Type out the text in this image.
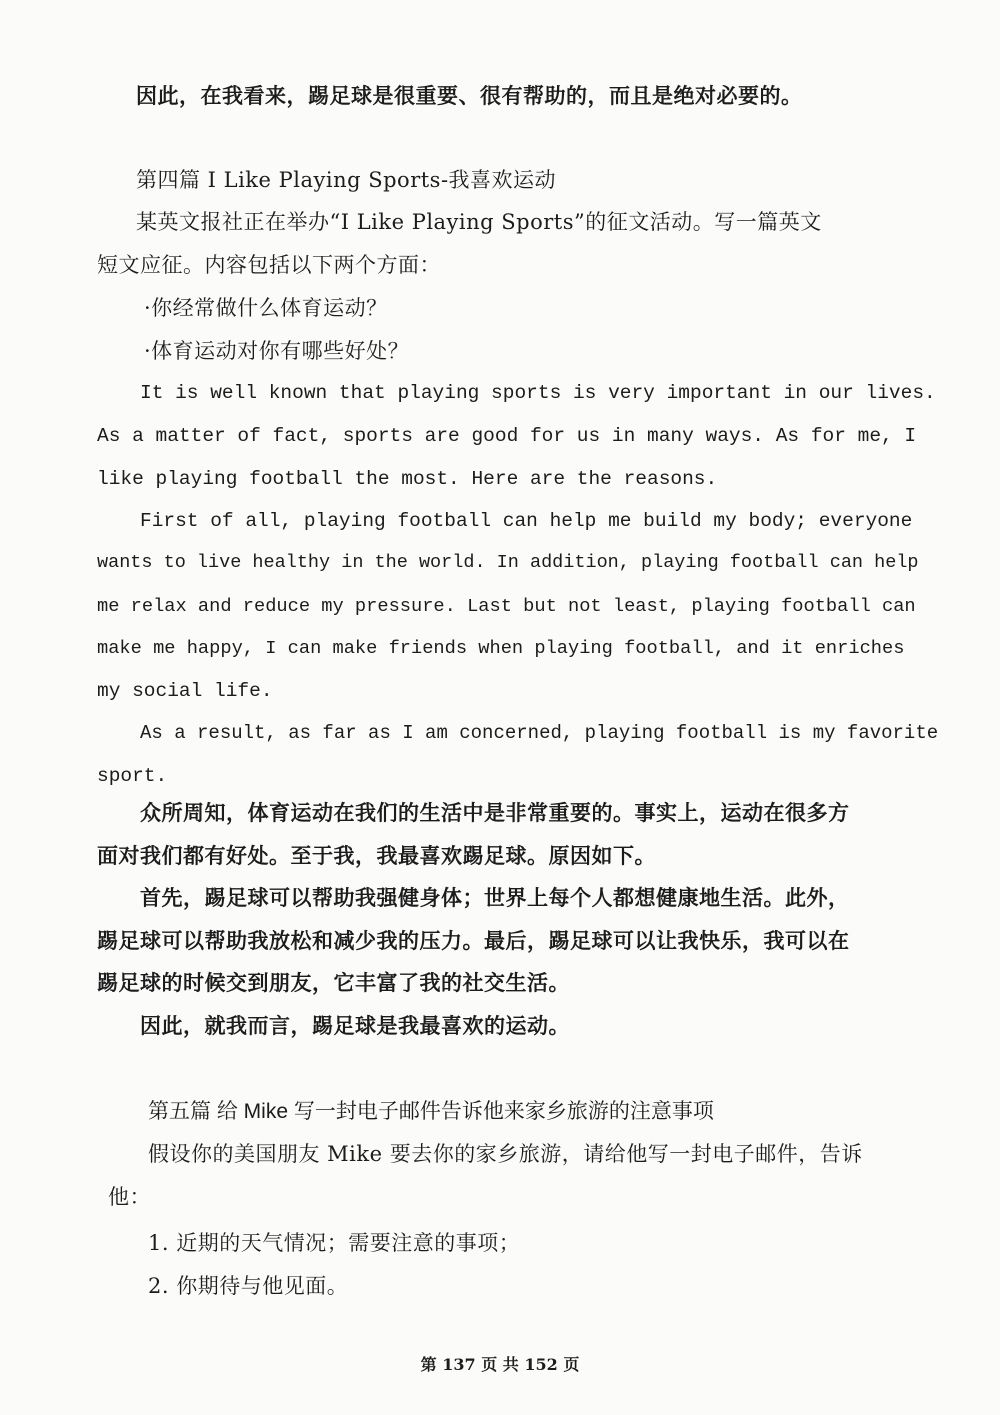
因此，在我看来，踢足球是很重要、很有帮助的，而且是绝对必要的。
第四篇 I Like Playing Sports-我喜欢运动
某英文报社正在举办“I Like Playing Sports”的征文活动。写一篇英文
短文应征。内容包括以下两个方面：
·你经常做什么体育运动？
·体育运动对你有哪些好处？
It is well known that playing sports is very important in our lives.
As a matter of fact, sports are good for us in many ways. As for me, I
like playing football the most. Here are the reasons.
First of all, playing football can help me build my body; everyone
wants to live healthy in the world. In addition, playing football can help
me relax and reduce my pressure. Last but not least, playing football can
make me happy, I can make friends when playing football, and it enriches
my social life.
As a result, as far as I am concerned, playing football is my favorite
sport.
众所周知，体育运动在我们的生活中是非常重要的。事实上，运动在很多方
面对我们都有好处。至于我，我最喜欢踢足球。原因如下。
首先，踢足球可以帮助我强健身体；世界上每个人都想健康地生活。此外，
踢足球可以帮助我放松和减少我的压力。最后，踢足球可以让我快乐，我可以在
踢足球的时候交到朋友，它丰富了我的社交生活。
因此，就我而言，踢足球是我最喜欢的运动。
第五篇 给 Mike 写一封电子邮件告诉他来家乡旅游的注意事项
假设你的美国朋友 Mike 要去你的家乡旅游，请给他写一封电子邮件，告诉
他：
1. 近期的天气情况；需要注意的事项；
2. 你期待与他见面。
第 137 页 共 152 页
